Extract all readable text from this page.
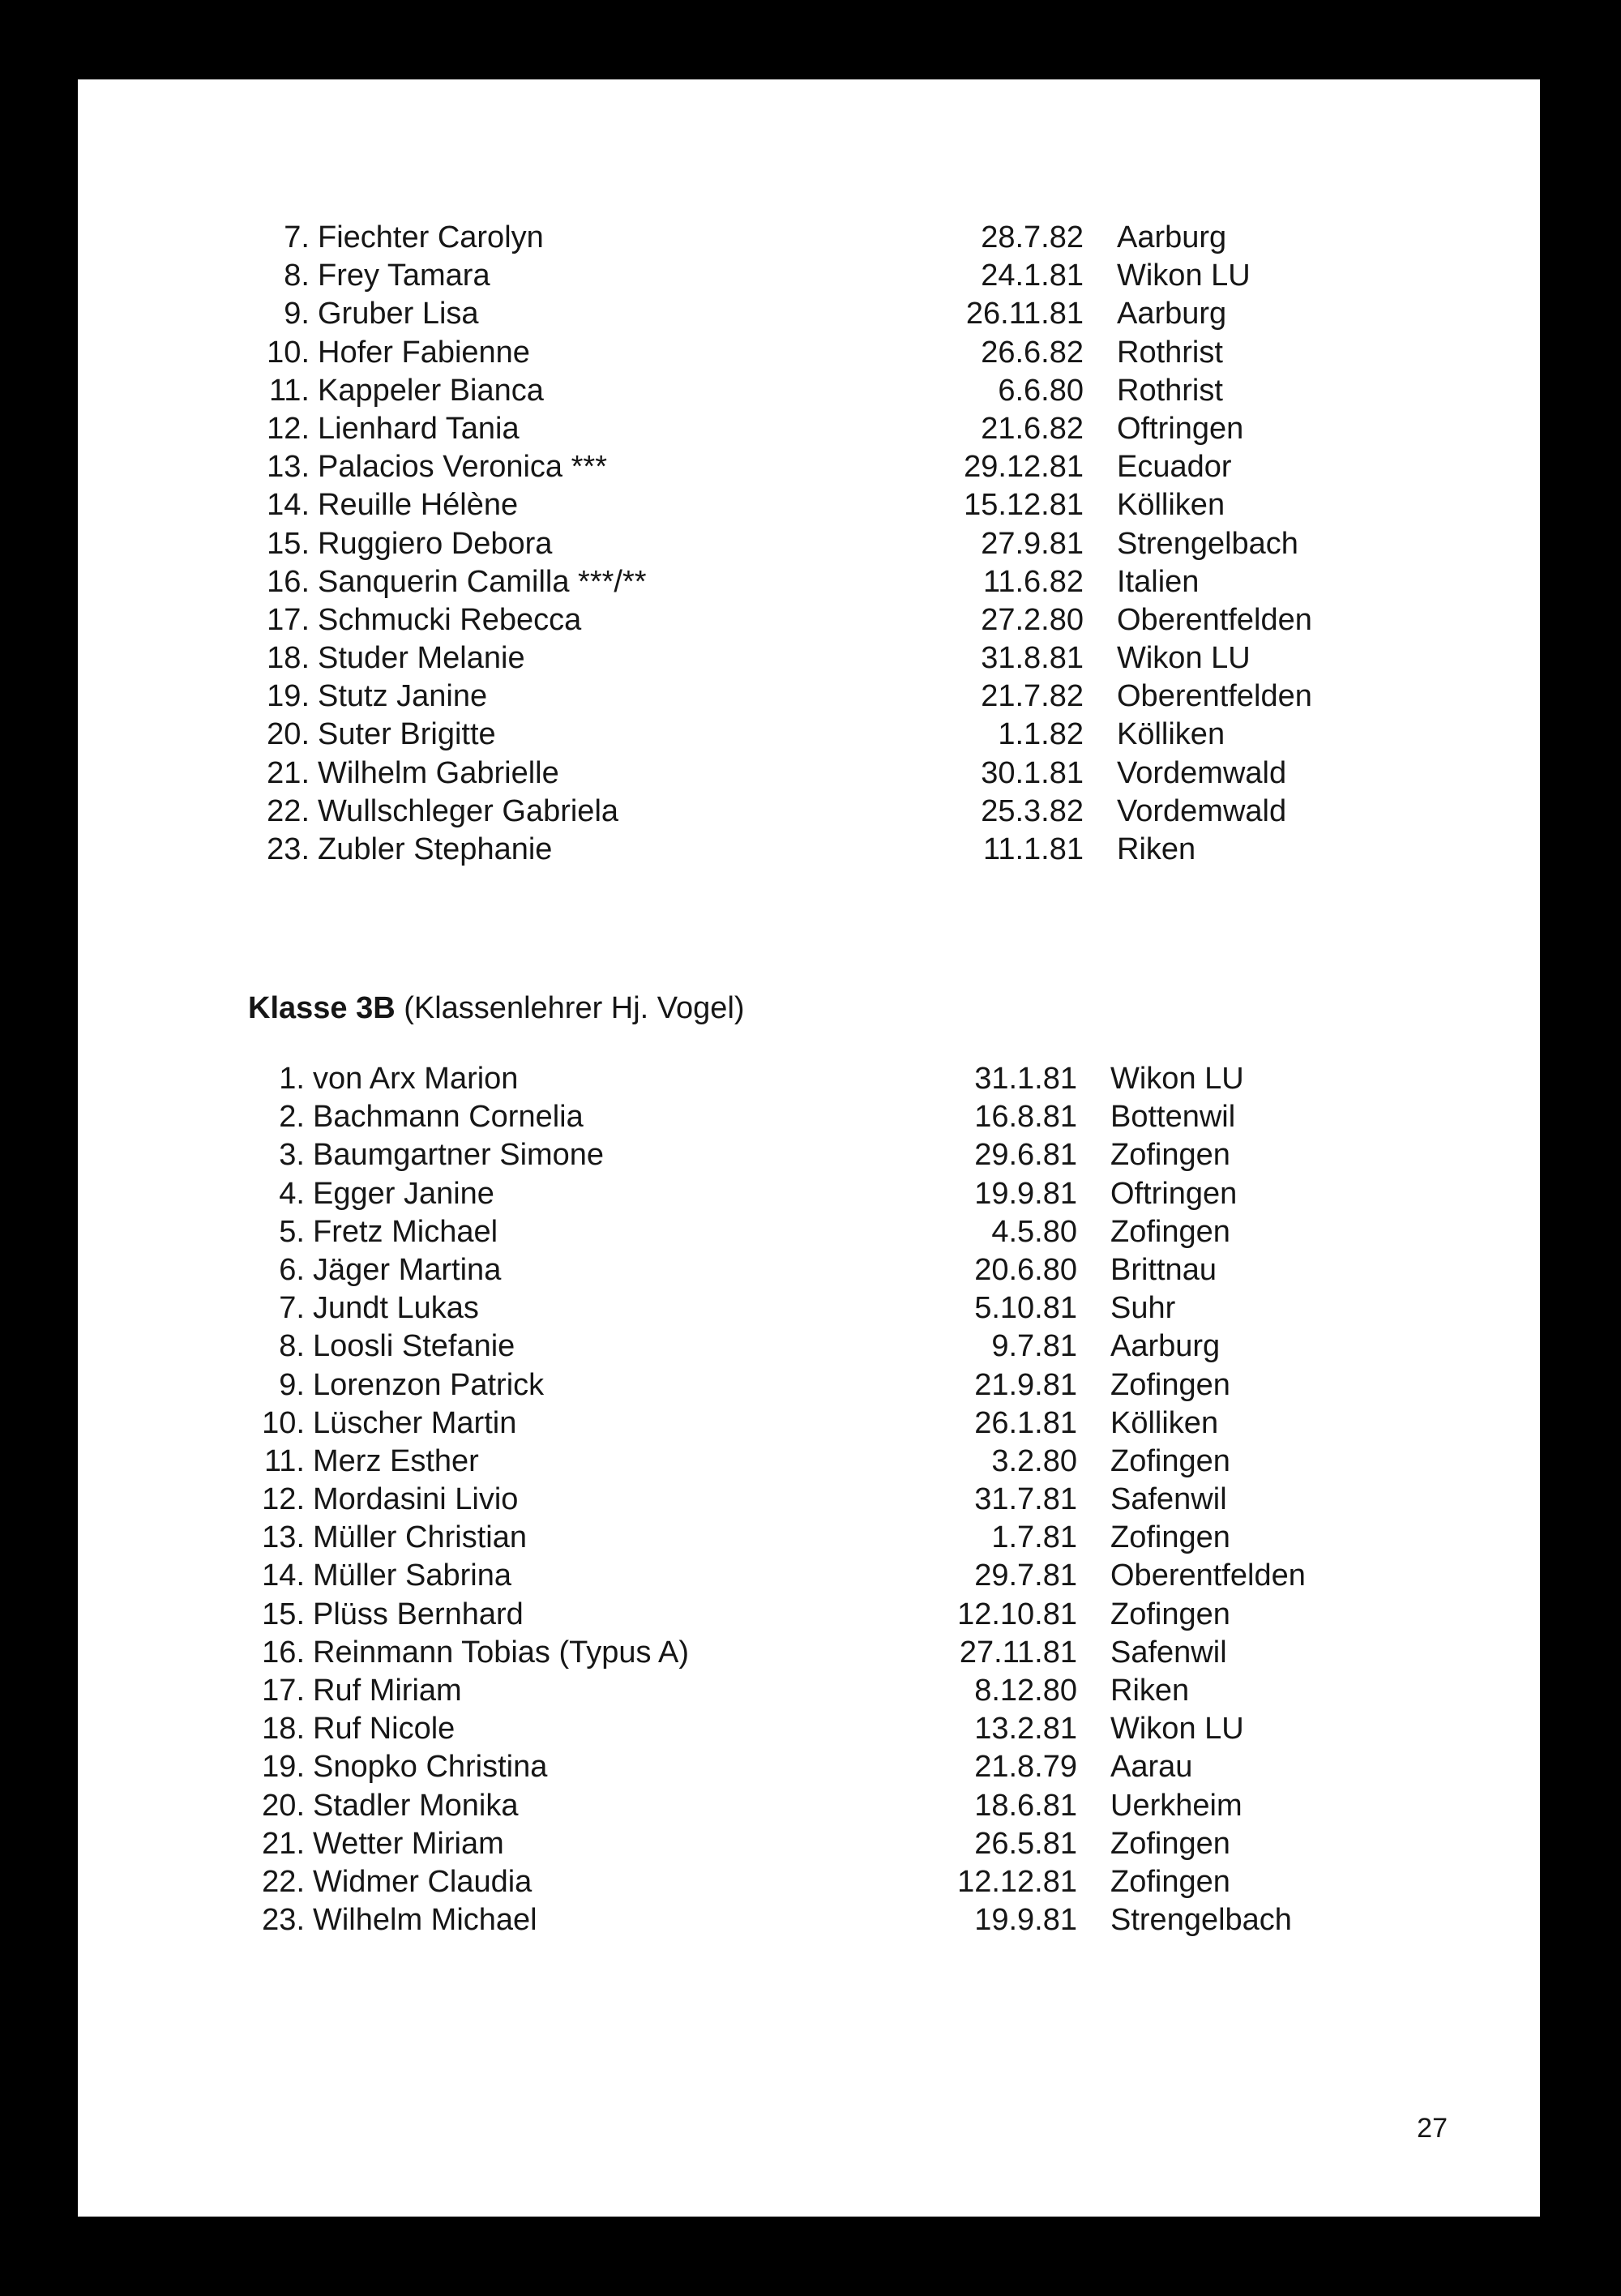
7. Fiechter Carolyn	28.7.82 Aarburg
8. Frey Tamara	24.1.81 Wikon LU
9. Gruber Lisa	26.11.81 Aarburg
10. Hofer Fabienne	26.6.82 Rothrist
11. Kappeler Bianca	6.6.80 Rothrist
12. Lienhard Tania	21.6.82 Oftringen
13. Palacios Veronica ***	29.12.81 Ecuador
14. Reuille Hélène	15.12.81 Kölliken
15. Ruggiero Debora	27.9.81 Strengelbach
16. Sanquerin Camilla ***/**	11.6.82 Italien
17. Schmucki Rebecca	27.2.80 Oberentfelden
18. Studer Melanie	31.8.81 Wikon LU
19. Stutz Janine	21.7.82 Oberentfelden
20. Suter Brigitte	1.1.82 Kölliken
21. Wilhelm Gabrielle	30.1.81 Vordemwald
22. Wullschleger Gabriela	25.3.82 Vordemwald
23. Zubler Stephanie	11.1.81 Riken
Klasse 3B (Klassenlehrer Hj. Vogel)
1. von Arx Marion	31.1.81 Wikon LU
2. Bachmann Cornelia	16.8.81 Bottenwil
3. Baumgartner Simone	29.6.81 Zofingen
4. Egger Janine	19.9.81 Oftringen
5. Fretz Michael	4.5.80 Zofingen
6. Jäger Martina	20.6.80 Brittnau
7. Jundt Lukas	5.10.81 Suhr
8. Loosli Stefanie	9.7.81 Aarburg
9. Lorenzon Patrick	21.9.81 Zofingen
10. Lüscher Martin	26.1.81 Kölliken
11. Merz Esther	3.2.80 Zofingen
12. Mordasini Livio	31.7.81 Safenwil
13. Müller Christian	1.7.81 Zofingen
14. Müller Sabrina	29.7.81 Oberentfelden
15. Plüss Bernhard	12.10.81 Zofingen
16. Reinmann Tobias (Typus A)	27.11.81 Safenwil
17. Ruf Miriam	8.12.80 Riken
18. Ruf Nicole	13.2.81 Wikon LU
19. Snopko Christina	21.8.79 Aarau
20. Stadler Monika	18.6.81 Uerkheim
21. Wetter Miriam	26.5.81 Zofingen
22. Widmer Claudia	12.12.81 Zofingen
23. Wilhelm Michael	19.9.81 Strengelbach
27
